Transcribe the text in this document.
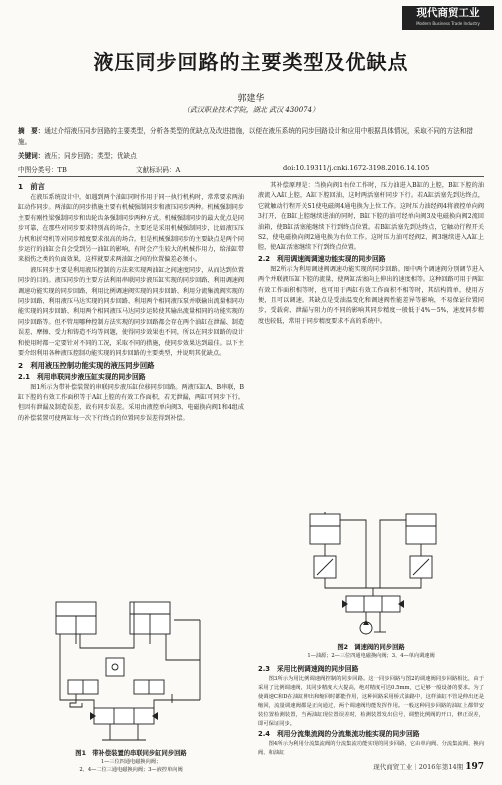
现代商贸工业
Modern Business Trade Industry
液压同步回路的主要类型及优缺点
郭建华
（武汉职业技术学院，湖北 武汉 430074）
摘　要：通过介绍液压同步回路的主要类型，分析各类型的优缺点及改进措施，以便在液压系统的同步回路设计和应用中根据具体情况，采取不同的方法和措施。
关键词：液压；同步回路；类型；优缺点
中图分类号：TB	文献标识码：A	doi:10.19311/j.cnki.1672-3198.2016.14.105
1　前言

在液压系统设计中，如遇到两个油缸同时作用于同一执行机构时，常常要求两油缸动作同步。两油缸的同步措施主要有机械强制同步和液压同步两种。机械强制同步主要有刚性梁强制同步和齿轮齿条强制同步两种方式。机械强制同步的最大优点是同步可靠，在那些对同步要求特别高的场合，主要还是采用机械强制同步，比如液压压力机和折弯机等对同步精度要求很高的场合。但是机械强制同步的主要缺点是两个同步运行的油缸会自会受到另一油缸的影响，有时会产生较大的机械作用力，给油缸带来损伤之类的负面效果，这样就要求两油缸之间的位置偏差必须小。

液压同步主要是利用液压控制的方法来实现两油缸之间速度同步，从而达到位置同步的目的。液压同步的主要方法利用串联同步液压缸实现的同步回路、利用调速阀调速功能实现的同步回路、利用比例调速阀实现的同步回路、利用分流集流阀实现的同步回路、利用液压马达实现的同步回路、利用两个相同液压泵并联输出流量相同功能实现的同步回路、利用两个相同液压马达同步运转使其输出流量相同的功能实现的同步回路等。但不管用哪种控制方法实现的同步回路都会存在两个油缸在泄漏、制造误差、摩擦、受力和铸造不均等问题，使得同步效果也不同，所以在同步回路的设计和使用时都一定要针对不同的工况，采取不同的措施，使同步效果达到最佳。以下主要介绍利用各种液压控制功能实现的同步回路的主要类型，并说明其优缺点。

2　利用液压控制功能实现的液压同步回路
2.1　利用串联同步液压缸实现的同步回路

图1所示为带补偿装置的串联同步液压缸位移同步回路。两液压缸A、B串联，B缸下腔的有效工作面积等于A缸上腔的有效工作面积，若无泄漏，两缸可同步下行。但因有泄漏及制造误差，故有同步误差。采用由液控单向阀3、电磁换向阀1和4组成的补偿装置可使两缸每一次下行终点的位置同步误差得到补偿。

图1　带补偿装置的串联同步缸同步回路
1—三位四通电磁换向阀；
2、4—二位三通电磁换向阀；3—液控单向阀

其补偿原理是：当换向阀1右位工作时，压力油进入B缸的上腔，B缸下腔的油液流入A缸上腔，A缸下腔回油，这时两活塞杆同步下行。若A缸活塞先到达终点，它就触动行程开关S1使电磁阀4通电换为上位工作。这时压力油经阀4将液控单向阀3打开，在B缸上腔继续进油的同时，B缸下腔的油可经单向阀3及电磁换向阀2流回油箱，使B缸活塞能继续下行到终点位置。若B缸活塞先到达终点，它触动行程开关S2，使电磁换向阀2通电换为右位工作。这时压力油可经阀2、阀3继续进入A缸上腔，使A缸活塞继续下行到终点位置。

2.2　利用调速阀调速功能实现的同步回路

图2所示为利用调速阀调速功能实现的同步回路。图中两个调速阀分别调节进入两个并联液压缸下腔的流量，使两缸活塞向上伸出的速度相等。这种回路可用于两缸有效工作面积相等时，也可用于两缸有效工作面积不相等时，其结构简单，使用方便，且可以调速。其缺点是受油温变化和调速阀性能差异等影响，不易保证位置同步，受载荷、泄漏与阻力的不同的影响其同步精度一般低于4%～5%，速度同步精度也较低，常用于同步精度要求不高的系统中。

图2　调速阀的同步回路
1—油源；2—三位四通电磁换向阀；3、4—单向调速阀
2.3　采用比例调速阀的同步回路

图3所示为用比例调速阀控制的同步回路。这一同步回路与图2的调速阀同步回路相比，由于采用了比例调速阀，其同步精度大大提高，绝对精度可达0.5mm，已足够一般设备的要求。为了使调速C和D在油缸伸出和缩回时都能作用，这种回路采用桥式油路中，这样油缸不管是伸出还是缩回，流量调速阀都是正向通过，两个调速阀均能发挥作用。一般这种同步回路的油缸上都带安装位置检测装置，当两油缸现位置误差时，检测装置发出信号，调整比例阀的开口，修正误差，即可保证同步。

2.4　利用分流集流阀的分流集流功能实现的同步回路

图4所示为利用分流集流阀的分流集流功能实现的同步回路，它由单向阀、分流集流阀、换向阀、和油缸

现代商贸工业｜2016年第14期 197
